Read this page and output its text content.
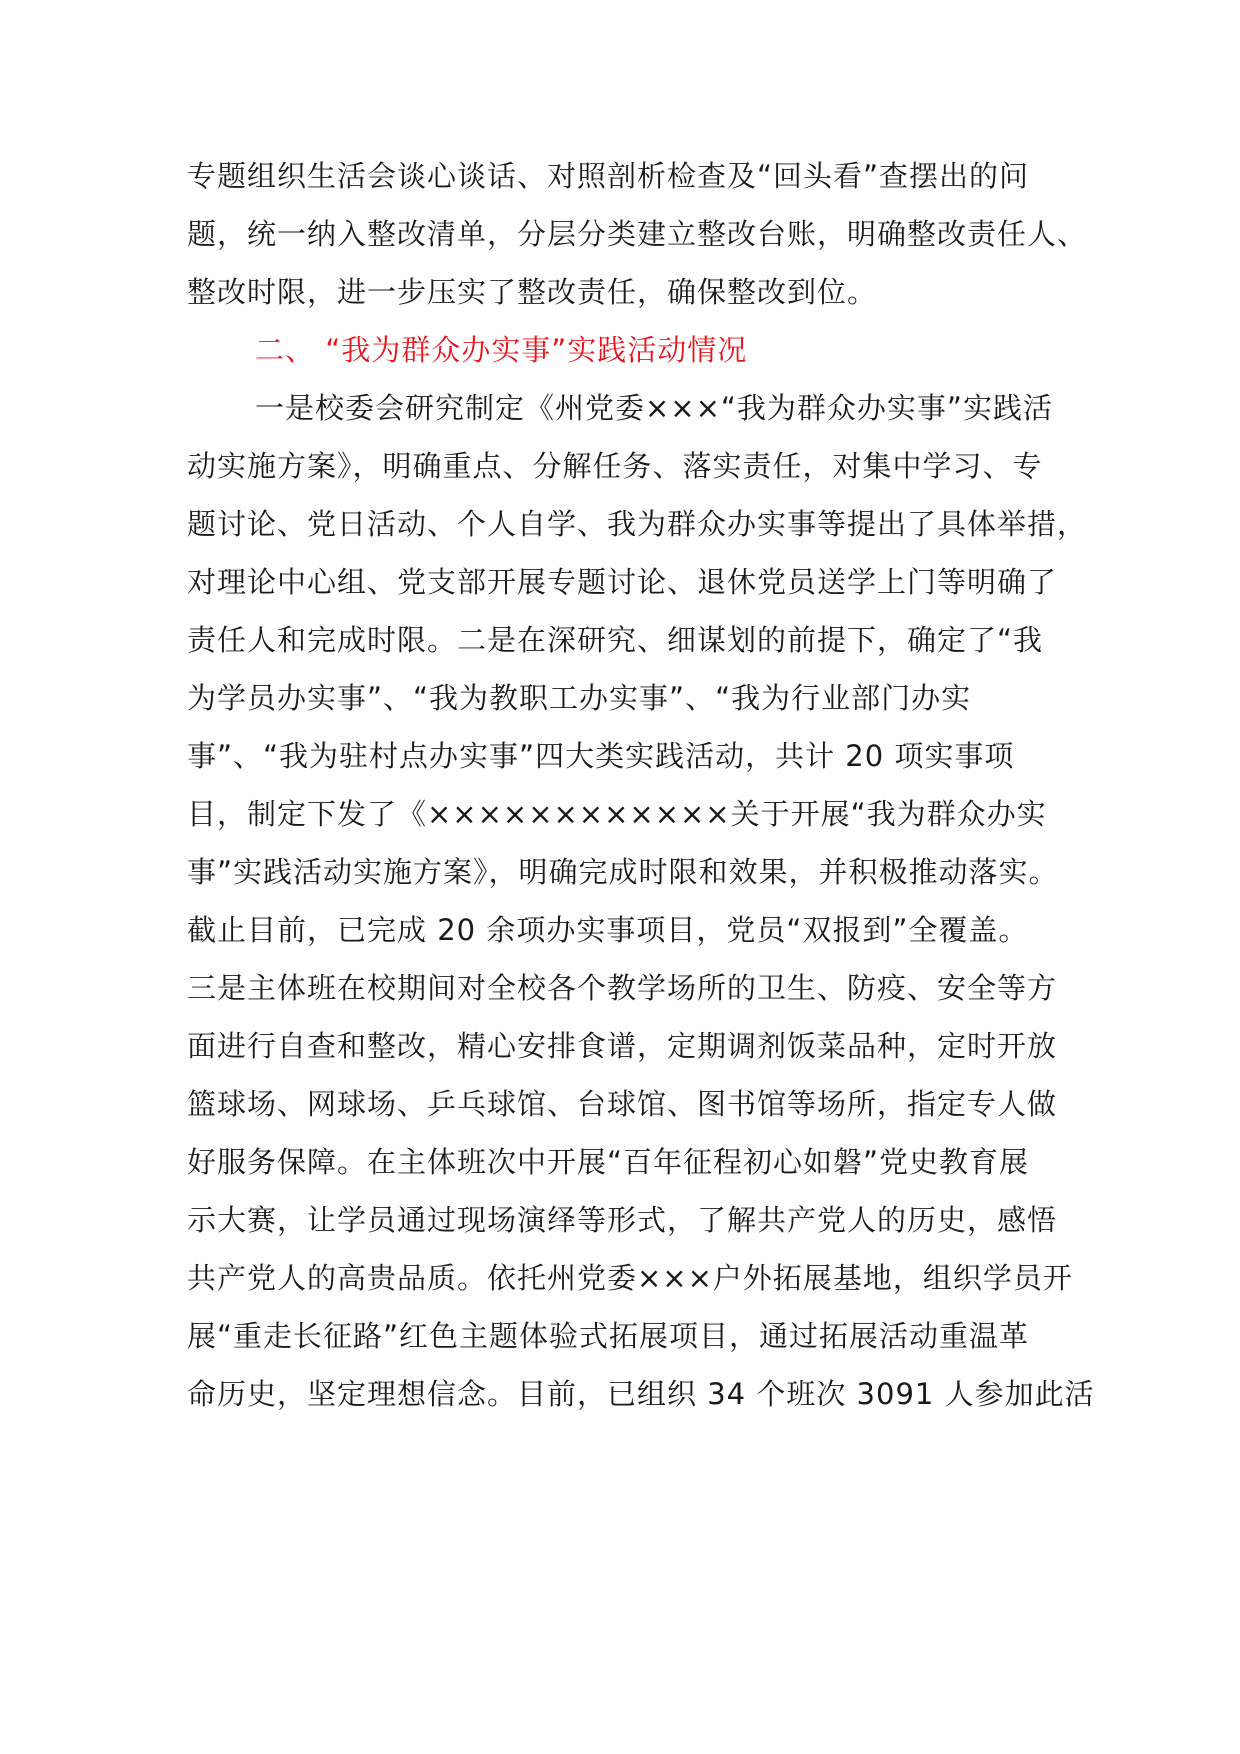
专题组织生活会谈心谈话、对照剖析检查及“回头看”查摆出的问
题，统一纳入整改清单，分层分类建立整改台账，明确整改责任人、
整改时限，进一步压实了整改责任，确保整改到位。
二、 “我为群众办实事”实践活动情况
一是校委会研究制定《州党委×××“我为群众办实事”实践活
动实施方案》，明确重点、分解任务、落实责任，对集中学习、专
题讨论、党日活动、个人自学、我为群众办实事等提出了具体举措，
对理论中心组、党支部开展专题讨论、退休党员送学上门等明确了
责任人和完成时限。二是在深研究、细谋划的前提下，确定了“我
为学员办实事”、“我为教职工办实事”、“我为行业部门办实
事”、“我为驻村点办实事”四大类实践活动，共计 20 项实事项
目，制定下发了《××××××××××××关于开展“我为群众办实
事”实践活动实施方案》，明确完成时限和效果，并积极推动落实。
截止目前，已完成 20 余项办实事项目，党员“双报到”全覆盖。
三是主体班在校期间对全校各个教学场所的卫生、防疫、安全等方
面进行自查和整改，精心安排食谱，定期调剂饭菜品种，定时开放
篮球场、网球场、乒乓球馆、台球馆、图书馆等场所，指定专人做
好服务保障。在主体班次中开展“百年征程初心如磐”党史教育展
示大赛，让学员通过现场演绎等形式，了解共产党人的历史，感悟
共产党人的高贵品质。依托州党委×××户外拓展基地，组织学员开
展“重走长征路”红色主题体验式拓展项目，通过拓展活动重温革
命历史，坚定理想信念。目前，已组织 34 个班次 3091 人参加此活
